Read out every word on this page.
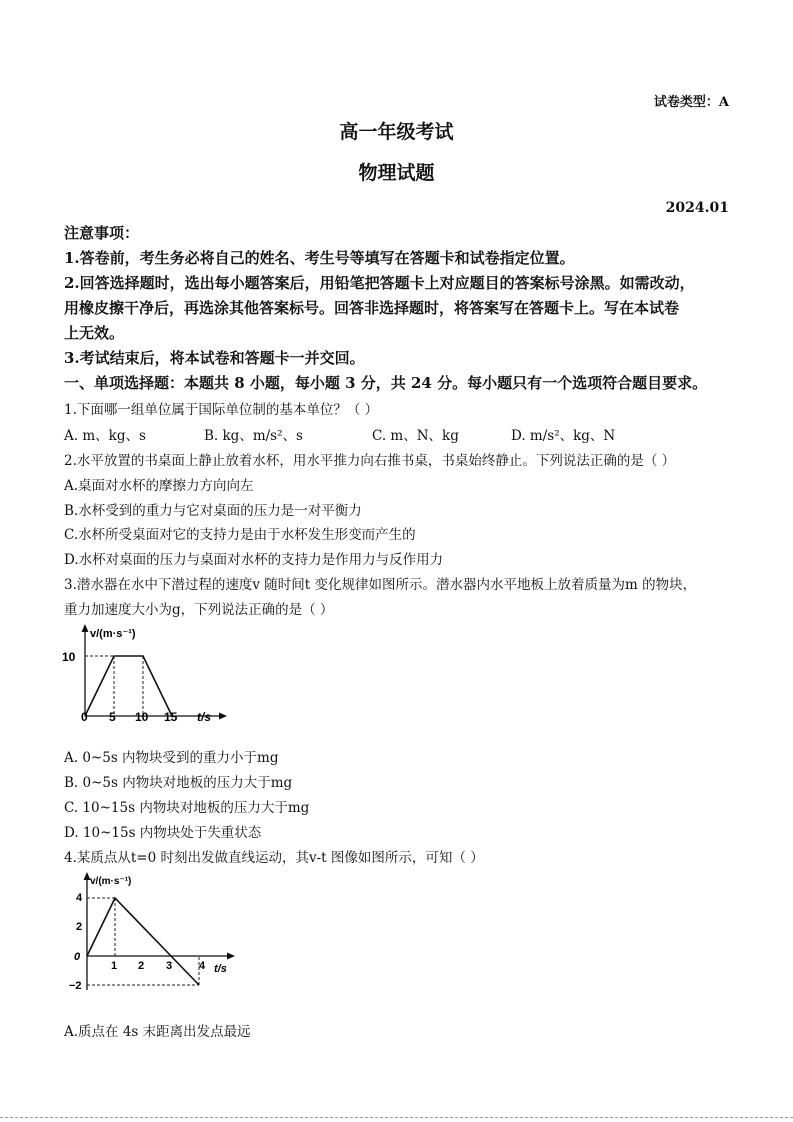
试卷类型：A
高一年级考试
物理试题
2024.01
注意事项：
1.答卷前，考生务必将自己的姓名、考生号等填写在答题卡和试卷指定位置。
2.回答选择题时，选出每小题答案后，用铅笔把答题卡上对应题目的答案标号涂黑。如需改动，
用橡皮擦干净后，再选涂其他答案标号。回答非选择题时，将答案写在答题卡上。写在本试卷
上无效。
3.考试结束后，将本试卷和答题卡一并交回。
一、单项选择题：本题共 8 小题，每小题 3 分，共 24 分。每小题只有一个选项符合题目要求。
1.下面哪一组单位属于国际单位制的基本单位？（ ）
A. m、kg、s	B. kg、m/s²、s	C. m、N、kg	D. m/s²、kg、N
2.水平放置的书桌面上静止放着水杯，用水平推力向右推书桌，书桌始终静止。下列说法正确的是（ ）
A.桌面对水杯的摩擦力方向向左
B.水杯受到的重力与它对桌面的压力是一对平衡力
C.水杯所受桌面对它的支持力是由于水杯发生形变而产生的
D.水杯对桌面的压力与桌面对水杯的支持力是作用力与反作用力
3.潜水器在水中下潜过程的速度v 随时间t 变化规律如图所示。潜水器内水平地板上放着质量为m 的物块，
重力加速度大小为g，下列说法正确的是（ ）
v/(m·s⁻¹)
t/s
10
0 5 10 15
A. 0~5s 内物块受到的重力小于mg
B. 0~5s 内物块对地板的压力大于mg
C. 10~15s 内物块对地板的压力大于mg
D. 10~15s 内物块处于失重状态
4.某质点从t=0 时刻出发做直线运动，其v-t 图像如图所示，可知（ ）
v/(m·s⁻¹)
t/s
4
2
0
−2
1 2 3 4
A.质点在 4s 末距离出发点最远
